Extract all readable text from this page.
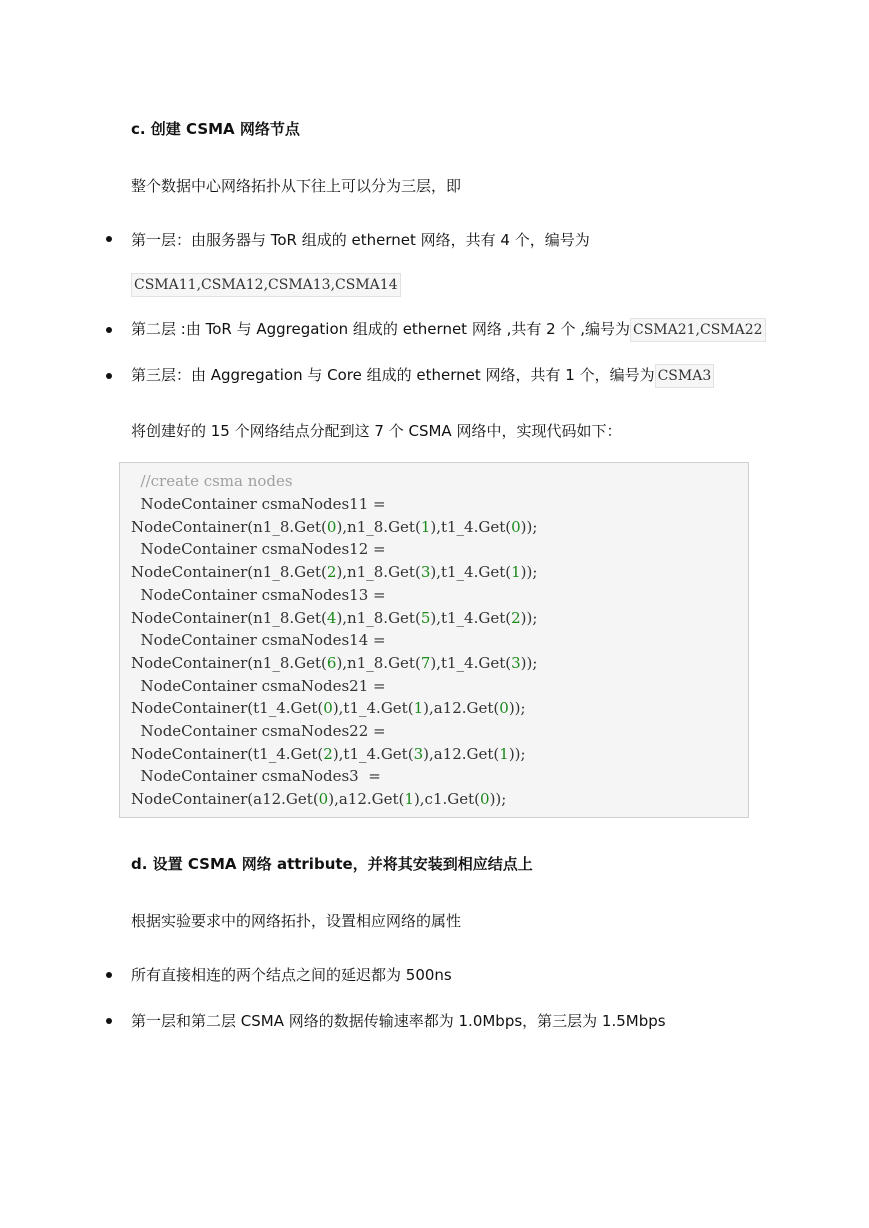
c. 创建 CSMA 网络节点
整个数据中心网络拓扑从下往上可以分为三层，即
第一层：由服务器与 ToR 组成的 ethernet 网络，共有 4 个，编号为
CSMA11,CSMA12,CSMA13,CSMA14
第二层 :由 ToR 与 Aggregation 组成的 ethernet 网络 ,共有 2 个 ,编号为 CSMA21,CSMA22
第三层：由 Aggregation 与 Core 组成的 ethernet 网络，共有 1 个，编号为 CSMA3
将创建好的 15 个网络结点分配到这 7 个 CSMA 网络中，实现代码如下：
//create csma nodes
NodeContainer csmaNodes11 =
NodeContainer(n1_8.Get(0),n1_8.Get(1),t1_4.Get(0));
NodeContainer csmaNodes12 =
NodeContainer(n1_8.Get(2),n1_8.Get(3),t1_4.Get(1));
NodeContainer csmaNodes13 =
NodeContainer(n1_8.Get(4),n1_8.Get(5),t1_4.Get(2));
NodeContainer csmaNodes14 =
NodeContainer(n1_8.Get(6),n1_8.Get(7),t1_4.Get(3));
NodeContainer csmaNodes21 =
NodeContainer(t1_4.Get(0),t1_4.Get(1),a12.Get(0));
NodeContainer csmaNodes22 =
NodeContainer(t1_4.Get(2),t1_4.Get(3),a12.Get(1));
NodeContainer csmaNodes3  =
NodeContainer(a12.Get(0),a12.Get(1),c1.Get(0));
d. 设置 CSMA 网络 attribute，并将其安装到相应结点上
根据实验要求中的网络拓扑，设置相应网络的属性
所有直接相连的两个结点之间的延迟都为 500ns
第一层和第二层 CSMA 网络的数据传输速率都为 1.0Mbps，第三层为 1.5Mbps
